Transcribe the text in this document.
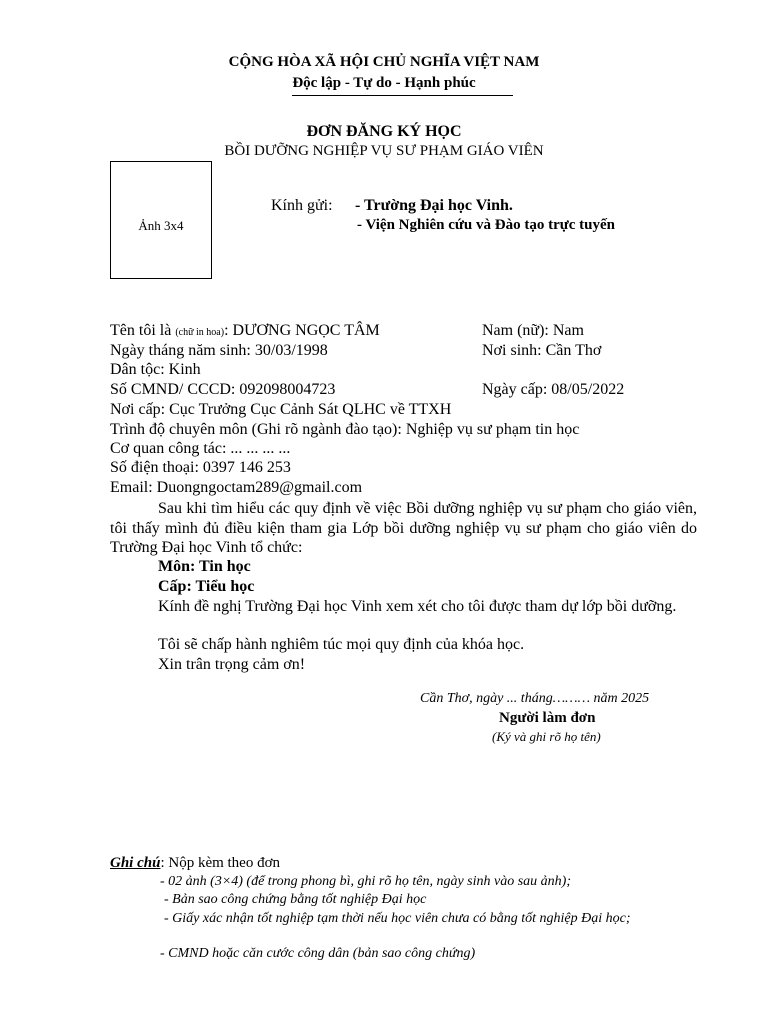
CỘNG HÒA XÃ HỘI CHỦ NGHĨA VIỆT NAM
Độc lập - Tự do - Hạnh phúc
ĐƠN ĐĂNG KÝ HỌC
BỒI DƯỠNG NGHIỆP VỤ SƯ PHẠM GIÁO VIÊN
Ảnh 3x4
Kính gửi: - Trường Đại học Vinh.
- Viện Nghiên cứu và Đào tạo trực tuyến
Tên tôi là (chữ in hoa): DƯƠNG NGỌC TÂM	Nam (nữ): Nam
Ngày tháng năm sinh: 30/03/1998	Nơi sinh: Cần Thơ
Dân tộc: Kinh
Số CMND/ CCCD: 092098004723	Ngày cấp: 08/05/2022
Nơi cấp: Cục Trưởng Cục Cảnh Sát QLHC về TTXH
Trình độ chuyên môn (Ghi rõ ngành đào tạo): Nghiệp vụ sư phạm tin học
Cơ quan công tác: ... ... ... ...
Số điện thoại: 0397 146 253
Email: Duongngoctam289@gmail.com
Sau khi tìm hiểu các quy định về việc Bồi dưỡng nghiệp vụ sư phạm cho giáo viên, tôi thấy mình đủ điều kiện tham gia Lớp bồi dưỡng nghiệp vụ sư phạm cho giáo viên do Trường Đại học Vinh tổ chức:
Môn: Tin học
Cấp: Tiểu học
Kính đề nghị Trường Đại học Vinh xem xét cho tôi được tham dự lớp bồi dưỡng.
Tôi sẽ chấp hành nghiêm túc mọi quy định của khóa học.
Xin trân trọng cảm ơn!
Cần Thơ, ngày ... tháng……… năm 2025
Người làm đơn
(Ký và ghi rõ họ tên)
Ghi chú: Nộp kèm theo đơn
- 02 ảnh (3×4) (để trong phong bì, ghi rõ họ tên, ngày sinh vào sau ảnh);
- Bản sao công chứng bằng tốt nghiệp Đại học
- Giấy xác nhận tốt nghiệp tạm thời nếu học viên chưa có bằng tốt nghiệp Đại học;
- CMND hoặc căn cước công dân (bản sao công chứng)
